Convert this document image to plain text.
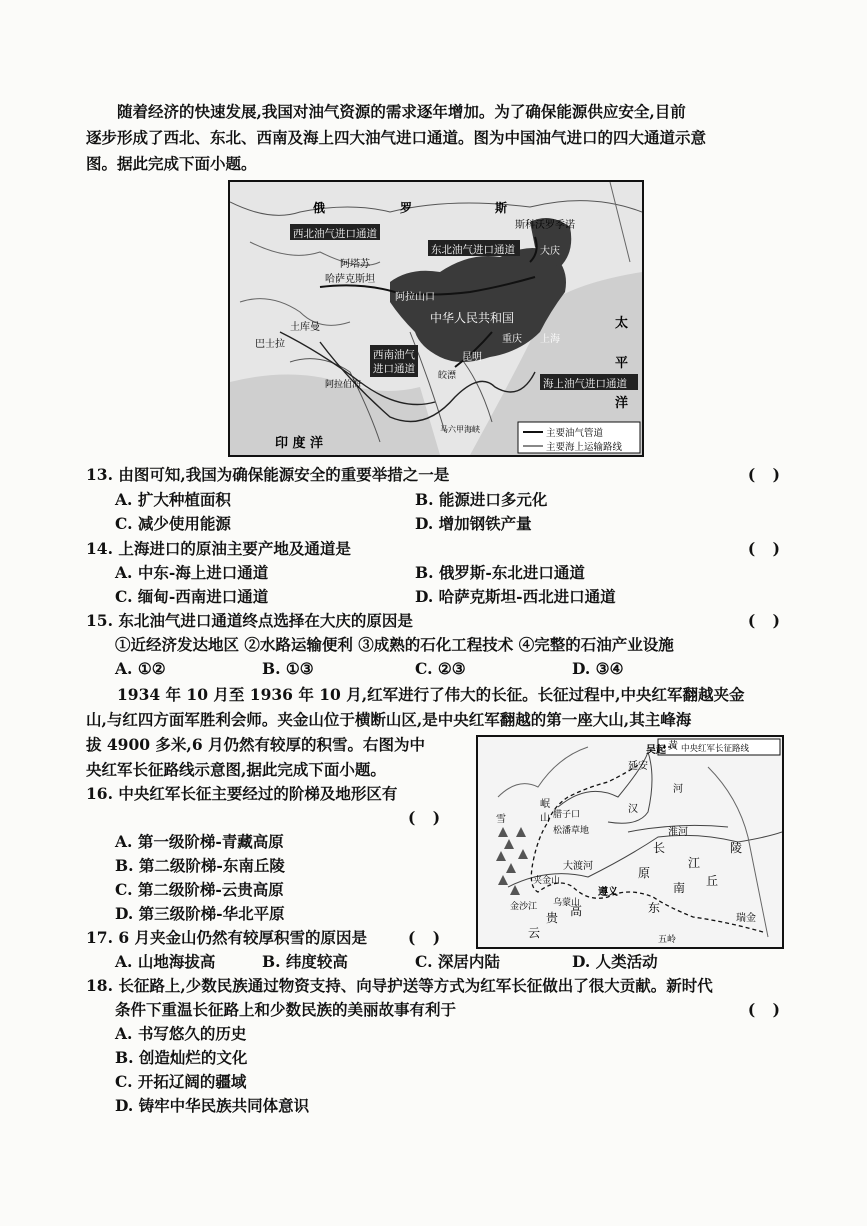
随着经济的快速发展,我国对油气资源的需求逐年增加。为了确保能源供应安全,目前
逐步形成了西北、东北、西南及海上四大油气进口通道。图为中国油气进口的四大通道示意
图。据此完成下面小题。
西北油气进口通道
东北油气进口通道
西南油气
进口通道
海上油气进口通道
俄	罗	斯
斯科沃罗季诺
阿塔苏
哈萨克斯坦
阿拉山口
中华人民共和国
大庆
上海
重庆
昆明
巴士拉
土库曼
阿拉伯海
皎漂
马六甲海峡
太
平
洋
印 度 洋
主要油气管道
主要海上运输路线
13. 由图可知,我国为确保能源安全的重要举措之一是	( )
A. 扩大种植面积	B. 能源进口多元化
C. 减少使用能源	D. 增加钢铁产量
14. 上海进口的原油主要产地及通道是	( )
A. 中东-海上进口通道	B. 俄罗斯-东北进口通道
C. 缅甸-西南进口通道	D. 哈萨克斯坦-西北进口通道
15. 东北油气进口通道终点选择在大庆的原因是	( )
①近经济发达地区 ②水路运输便利 ③成熟的石化工程技术 ④完整的石油产业设施
A. ①②	B. ①③	C. ②③	D. ③④
1934 年 10 月至 1936 年 10 月,红军进行了伟大的长征。长征过程中,中央红军翻越夹金
山,与红四方面军胜利会师。夹金山位于横断山区,是中央红军翻越的第一座大山,其主峰海
拔 4900 多米,6 月仍然有较厚的积雪。右图为中
央红军长征路线示意图,据此完成下面小题。
中央红军长征路线
吴起
延安
黄
河
岷
山 腊子口
松潘草地	淮河
大渡河
夹金山
乌蒙山
遵义
金沙江
长
江
陵
丘
贵 高
原
云
南
东
瑞金
五岭
汉
雪
16. 中央红军长征主要经过的阶梯及地形区有
( )
A. 第一级阶梯-青藏高原
B. 第二级阶梯-东南丘陵
C. 第二级阶梯-云贵高原
D. 第三级阶梯-华北平原
17. 6 月夹金山仍然有较厚积雪的原因是	( )
A. 山地海拔高	B. 纬度较高	C. 深居内陆	D. 人类活动
18. 长征路上,少数民族通过物资支持、向导护送等方式为红军长征做出了很大贡献。新时代
条件下重温长征路上和少数民族的美丽故事有利于	( )
A. 书写悠久的历史
B. 创造灿烂的文化
C. 开拓辽阔的疆域
D. 铸牢中华民族共同体意识
